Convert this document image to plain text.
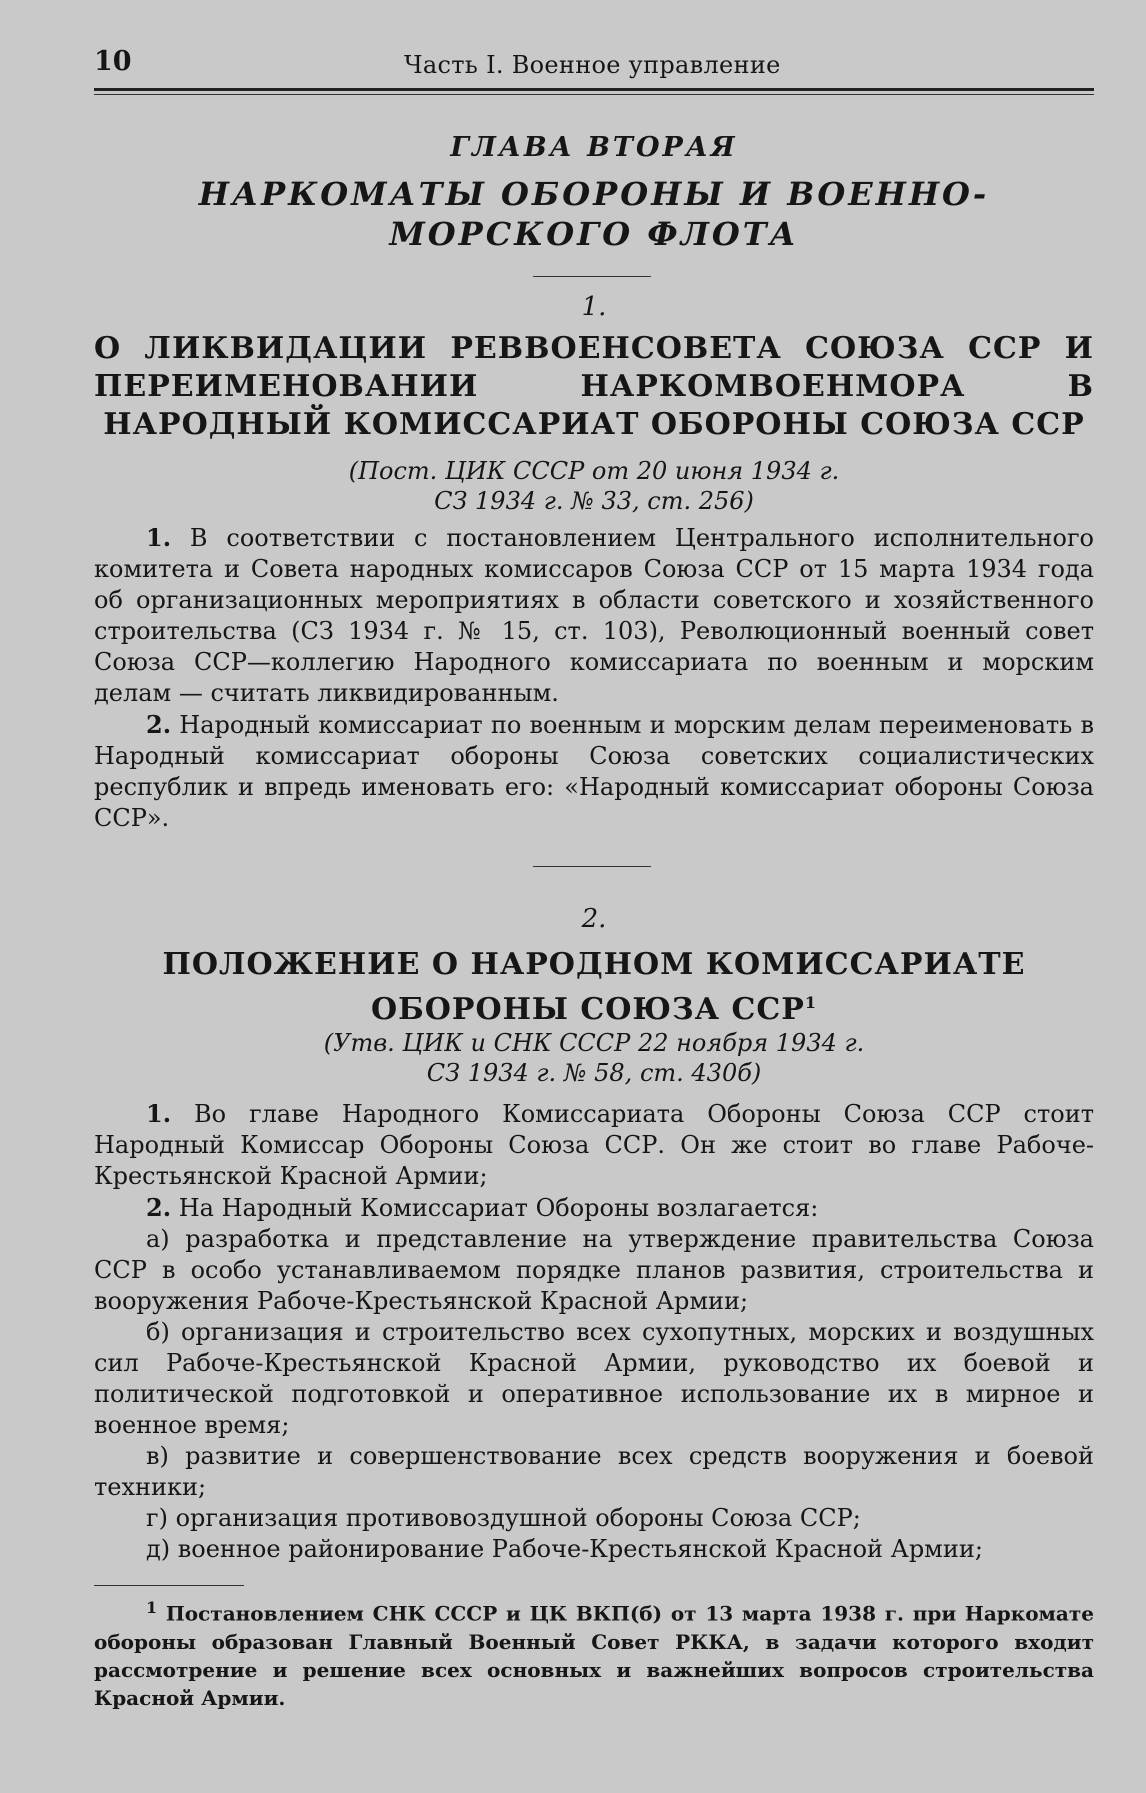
10	Часть I. Военное управление
ГЛАВА ВТОРАЯ
НАРКОМАТЫ ОБОРОНЫ И ВОЕННО-МОРСКОГО ФЛОТА
1.
О ЛИКВИДАЦИИ РЕВВОЕНСОВЕТА СОЮЗА ССР И ПЕРЕИМЕНОВАНИИ НАРКОМВОЕНМОРА В НАРОДНЫЙ КОМИССАРИАТ ОБОРОНЫ СОЮЗА ССР
(Пост. ЦИК СССР от 20 июня 1934 г.
СЗ 1934 г. № 33, ст. 256)

1. В соответствии с постановлением Центрального исполнительного комитета и Совета народных комиссаров Союза ССР от 15 марта 1934 года об организационных мероприятиях в области советского и хозяйственного строительства (СЗ 1934 г. № 15, ст. 103), Революционный военный совет Союза ССР—коллегию Народного комиссариата по военным и морским делам — считать ликвидированным.

2. Народный комиссариат по военным и морским делам переименовать в Народный комиссариат обороны Союза советских социалистических республик и впредь именовать его: «Народный комиссариат обороны Союза ССР».

2.
ПОЛОЖЕНИЕ О НАРОДНОМ КОМИССАРИАТЕ ОБОРОНЫ СОЮЗА ССР$^1$
(Утв. ЦИК и СНК СССР 22 ноября 1934 г.
СЗ 1934 г. № 58, ст. 430б)

1. Во главе Народного Комиссариата Обороны Союза ССР стоит Народный Комиссар Обороны Союза ССР. Он же стоит во главе Рабоче-Крестьянской Красной Армии;

2. На Народный Комиссариат Обороны возлагается:

а) разработка и представление на утверждение правительства Союза ССР в особо устанавливаемом порядке планов развития, строительства и вооружения Рабоче-Крестьянской Красной Армии;

б) организация и строительство всех сухопутных, морских и воздушных сил Рабоче-Крестьянской Красной Армии, руководство их боевой и политической подготовкой и оперативное использование их в мирное и военное время;

в) развитие и совершенствование всех средств вооружения и боевой техники;

г) организация противовоздушной обороны Союза ССР;

д) военное районирование Рабоче-Крестьянской Красной Армии;

$^1$ Постановлением СНК СССР и ЦК ВКП(б) от 13 марта 1938 г. при Наркомате обороны образован Главный Военный Совет РККА, в задачи которого входит рассмотрение и решение всех основных и важнейших вопросов строительства Красной Армии.
